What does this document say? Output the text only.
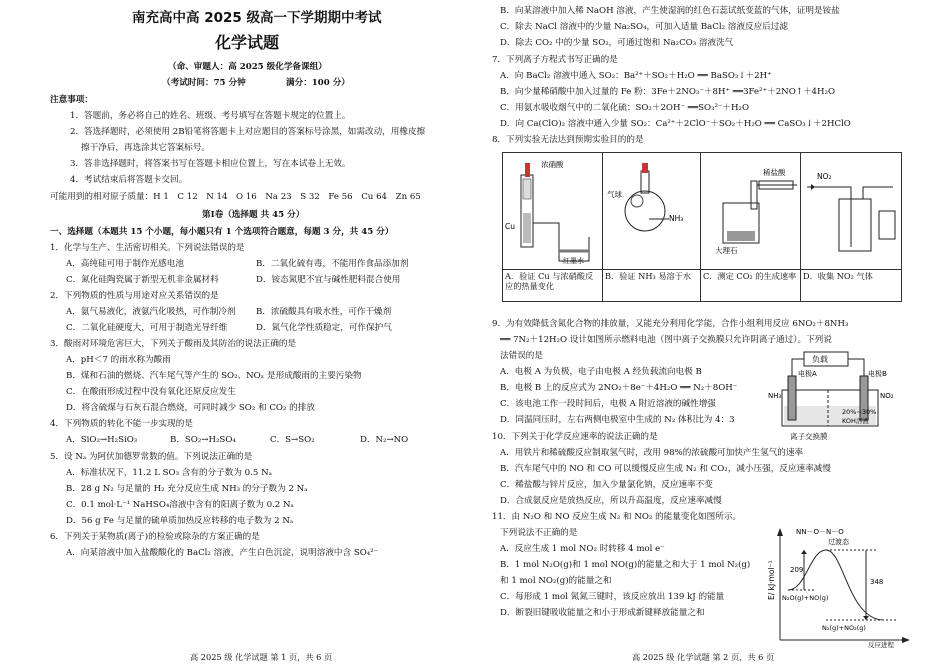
南充高中高 2025 级高一下学期期中考试
化学试题
（命、审题人：高 2025 级化学备课组）
（考试时间：75 分钟	满分：100 分）
注意事项：
1．答题前，务必将自己的姓名、班级、考号填写在答题卡规定的位置上。
2．答选择题时，必须使用 2B铅笔将答题卡上对应题目的答案标号涂黑，如需改动，用橡皮擦
擦干净后，再选涂其它答案标号。
3．答非选择题时，将答案书写在答题卡相应位置上，写在本试卷上无效。
4．考试结束后将答题卡交回。
可能用到的相对原子质量：H 1　C 12　N 14　O 16　Na 23　S 32　Fe 56　Cu 64　Zn 65
第Ⅰ卷（选择题 共 45 分）
一、选择题（本题共 15 个小题，每小题只有 1 个选项符合题意，每题 3 分，共 45 分）
1．化学与生产、生活密切相关。下列说法错误的是
A．高纯硅可用于制作光感电池	B．二氧化硫有毒，不能用作食品添加剂
C．氮化硅陶瓷属于新型无机非金属材料	D．铵态氮肥不宜与碱性肥料混合使用
2．下列物质的性质与用途对应关系错误的是
A．氨气易液化，液氨汽化吸热，可作制冷剂 B．浓硫酸具有吸水性，可作干燥剂
C．二氧化硅硬度大，可用于制造光导纤维	D．氮气化学性质稳定，可作保护气
3．酸雨对环境危害巨大，下列关于酸雨及其防治的说法正确的是
A．pH＜7 的雨水称为酸雨
B．煤和石油的燃烧、汽车尾气等产生的 SO₂、NOₓ 是形成酸雨的主要污染物
C．在酸雨形成过程中没有氧化还原反应发生
D．将含硫煤与石灰石混合燃烧，可同时减少 SO₂ 和 CO₂ 的排放
4．下列物质的转化不能一步实现的是
A．SiO₂→H₂SiO₃	B．SO₂→H₂SO₄	C．S→SO₂	D．N₂→NO
5．设 Nₐ 为阿伏加德罗常数的值。下列说法正确的是
A．标准状况下，11.2 L SO₃ 含有的分子数为 0.5 Nₐ
B．28 g N₂ 与足量的 H₂ 充分反应生成 NH₃ 的分子数为 2 Nₐ
C．0.1 mol·L⁻¹ NaHSO₄溶液中含有的阳离子数为 0.2 Nₐ
D．56 g Fe 与足量的硫单质加热反应转移的电子数为 2 Nₐ
6．下列关于某物质(离子)的检验或除杂的方案正确的是
A．向某溶液中加入盐酸酸化的 BaCl₂ 溶液，产生白色沉淀，说明溶液中含 SO₄²⁻
高 2025 级 化学试题 第 1 页，共 6 页
B．向某溶液中加入稀 NaOH 溶液，产生使湿润的红色石蕊试纸变蓝的气体，证明是铵盐
C．除去 NaCl 溶液中的少量 Na₂SO₄，可加入适量 BaCl₂ 溶液反应后过滤
D．除去 CO₂ 中的少量 SO₂，可通过饱和 Na₂CO₃ 溶液洗气
7．下列离子方程式书写正确的是
A．向 BaCl₂ 溶液中通入 SO₂：Ba²⁺＋SO₂＋H₂O ══ BaSO₃↓＋2H⁺
B．向少量稀硝酸中加入过量的 Fe 粉：3Fe＋2NO₃⁻＋8H⁺ ══3Fe²⁺＋2NO↑＋4H₂O
C．用氨水吸收烟气中的二氧化硫：SO₂＋2OH⁻ ══SO₃²⁻＋H₂O
D．向 Ca(ClO)₂ 溶液中通入少量 SO₂：Ca²⁺＋2ClO⁻＋SO₂＋H₂O ══ CaSO₃↓＋2HClO
8．下列实验无法达到预期实验目的的是
浓硝酸
Cu
红墨水
气球
NH₃
稀盐酸
大理石
NO₂
A．验证 Cu 与浓硝酸反应的热量变化
B．验证 NH₃ 易溶于水	C．测定 CO₂ 的生成速率 D．收集 NO₂ 气体
9．为有效降低含氮化合物的排放量，又能充分利用化学能，合作小组利用反应 6NO₂＋8NH₃
══ 7N₂＋12H₂O 设计如图所示燃料电池（图中离子交换膜只允许阴离子通过）。下列说
法错误的是
A．电极 A 为负极，电子由电极 A 经负载流向电极 B
B．电极 B 上的反应式为 2NO₂＋8e⁻＋4H₂O ══ N₂＋8OH⁻
C．该电池工作一段时间后，电极 A 附近溶液的碱性增强
D．同温同压时，左右两侧电极室中生成的 N₂ 体积比为 4：3
负载
电极A	电极B
NH₃	NO₂
20%~30%
KOH溶液
离子交换膜
10．下列关于化学反应速率的说法正确的是
A．用铁片和稀硫酸反应制取氢气时，改用 98%的浓硫酸可加快产生氢气的速率
B．汽车尾气中的 NO 和 CO 可以缓慢反应生成 N₂ 和 CO₂，减小压强，反应速率减慢
C．稀盐酸与锌片反应，加入少量氯化钠，反应速率不变
D．合成氨反应是放热反应，所以升高温度，反应速率减慢
11．由 N₂O 和 NO 反应生成 N₂ 和 NO₂ 的能量变化如图所示。
下列说法不正确的是
A．反应生成 1 mol NO₂ 时转移 4 mol e⁻
B．1 mol N₂O(g)和 1 mol NO(g)的能量之和大于 1 mol N₂(g)
和 1 mol NO₂(g)的能量之和
C．每形成 1 mol 氮氮三键时，该反应放出 139 kJ 的能量
D．断裂旧键吸收能量之和小于形成新键释放能量之和
E/ kJ·mol⁻¹
反应进程
209
348
过渡态
NN－O－N－O
N₂O(g)+NO(g)
N₂(g)+NO₂(g)
高 2025 级 化学试题 第 2 页，共 6 页
